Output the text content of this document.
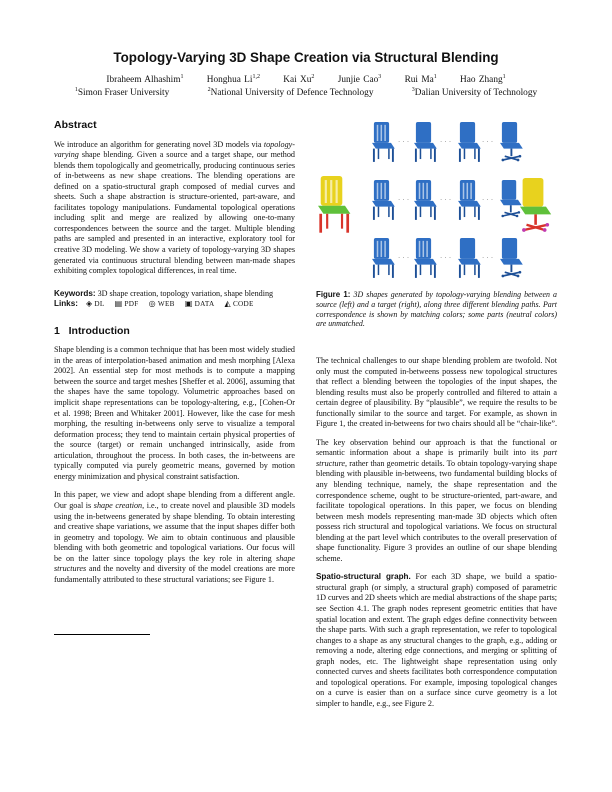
Topology-Varying 3D Shape Creation via Structural Blending
Ibraheem Alhashim$^1$	Honghua Li$^{1,2}$	Kai Xu$^2$	Junjie Cao$^3$	Rui Ma$^1$	Hao Zhang$^1$
$^1$Simon Fraser University	$^2$National University of Defence Technology	$^3$Dalian University of Technology
Abstract

We introduce an algorithm for generating novel 3D models via topology-varying shape blending. Given a source and a target shape, our method blends them topologically and geometrically, producing continuous series of in-betweens as new shape creations. The blending operations are defined on a spatio-structural graph composed of medial curves and sheets. Such a shape abstraction is structure-oriented, part-aware, and facilitates topology manipulations. Fundamental topological operations including split and merge are realized by allowing one-to-many correspondences between the source and the target. Multiple blending paths are sampled and presented in an interactive, exploratory tool for creative 3D modeling. We show a variety of topology-varying 3D shapes generated via continuous structural blending between man-made shapes exhibiting complex topological differences, in real time.

Keywords: 3D shape creation, topology variation, shape blending

Links: ◈ DL ▤ PDF ◎ WEB ▣ DATA ◭ CODE

1 Introduction

Shape blending is a common technique that has been most widely studied in the areas of interpolation-based animation and mesh morphing [Alexa 2002]. An essential step for most methods is to compute a mapping between the source and target meshes [Sheffer et al. 2006], assuming that the shapes have the same topology. Volumetric approaches based on implicit shape representations can be topology-altering, e.g., [Cohen-Or et al. 1998; Breen and Whitaker 2001]. However, like the case for mesh morphing, the resulting in-betweens only serve to visualize a temporal deformation process; they tend to maintain certain physical properties of the source (target) or remain unchanged intrinsically, aside from articulation, throughout the process. In both cases, the in-betweens are typically computed via purely geometric means, governed by motion energy minimization and physical constraint satisfaction.

In this paper, we view and adopt shape blending from a different angle. Our goal is shape creation, i.e., to create novel and plausible 3D models using the in-betweens generated by shape blending. To obtain interesting and creative shape variations, we assume that the input shapes differ both in geometry and topology. We aim to obtain continuous and plausible blending with both geometric and topological variations. Our focus will be on the latter since topology plays the key role in altering shape structures and the novelty and diversity of the model creations are more fundamentally attributed to these structural variations; see Figure 1.

· · ·	· · ·	· · ·
· · ·	· · ·	· · ·
· · ·	· · ·	· · ·
Figure 1: 3D shapes generated by topology-varying blending between a source (left) and a target (right), along three different blending paths. Part correspondence is shown by matching colors; some parts (neutral colors) are unmatched.

The technical challenges to our shape blending problem are twofold. Not only must the computed in-betweens possess new topological structures that reflect a blending between the topologies of the input shapes, the blending results must also be properly controlled and filtered to attain a certain degree of plausibility. By “plausible”, we require the results to be functionally similar to the source and target. For example, as shown in Figure 1, the created in-betweens for two chairs should all be “chair-like”.

The key observation behind our approach is that the functional or semantic information about a shape is primarily built into its part structure, rather than geometric details. To obtain topology-varying shape blending with plausible in-betweens, two fundamental building blocks of any blending technique, namely, the shape representation and the correspondence scheme, ought to be structure-oriented, part-aware, and facilitate topological operations. In this paper, we focus on blending between mesh models representing man-made 3D objects which often possess rich structural and topological variations. We focus on structural blending at the part level which contributes to the overall preservation of shape functionality. Figure 3 provides an outline of our shape blending scheme.

Spatio-structural graph. For each 3D shape, we build a spatio-structural graph (or simply, a structural graph) composed of parametric 1D curves and 2D sheets which are medial abstractions of the shape parts; see Section 4.1. The graph nodes represent geometric entities that have spatial location and extent. The graph edges define connectivity between the shape parts. With such a graph representation, we refer to topological changes to a shape as any structural changes to the graph, e.g., adding or removing a node, altering edge connections, and merging or splitting of graph nodes, etc. The lightweight shape representation using only connected curves and sheets facilitates both correspondence computation and topological operations. For example, imposing topological changes on a curve is easier than on a surface since curve geometry is a lot simpler to handle, e.g., see Figure 2.
